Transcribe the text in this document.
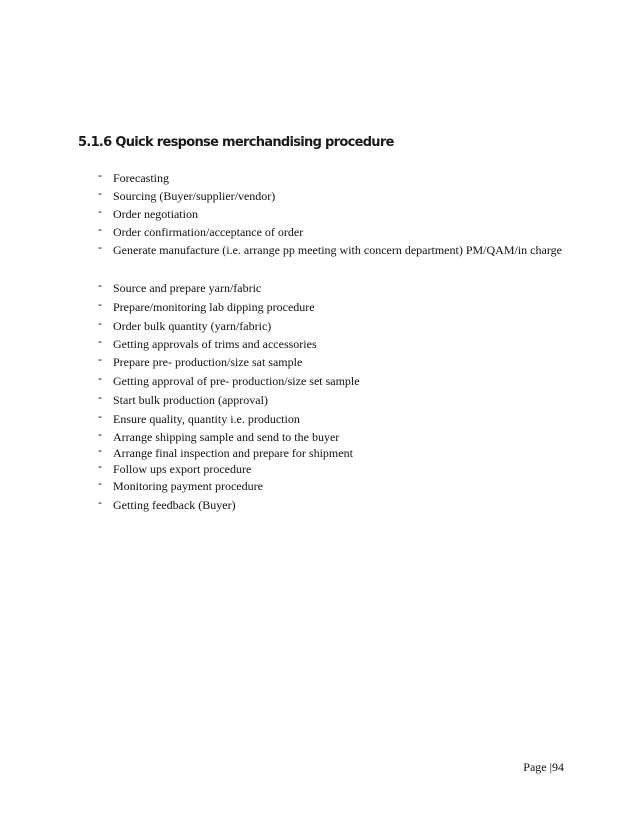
5.1.6 Quick response merchandising procedure
- Forecasting
- Sourcing (Buyer/supplier/vendor)
- Order negotiation
- Order confirmation/acceptance of order
- Generate manufacture (i.e. arrange pp meeting with concern department) PM/QAM/in charge
- Source and prepare yarn/fabric
- Prepare/monitoring lab dipping procedure
- Order bulk quantity (yarn/fabric)
- Getting approvals of trims and accessories
- Prepare pre- production/size sat sample
- Getting approval of pre- production/size set sample
- Start bulk production (approval)
- Ensure quality, quantity i.e. production
- Arrange shipping sample and send to the buyer
- Arrange final inspection and prepare for shipment
- Follow ups export procedure
- Monitoring payment procedure
- Getting feedback (Buyer)
Page |94
